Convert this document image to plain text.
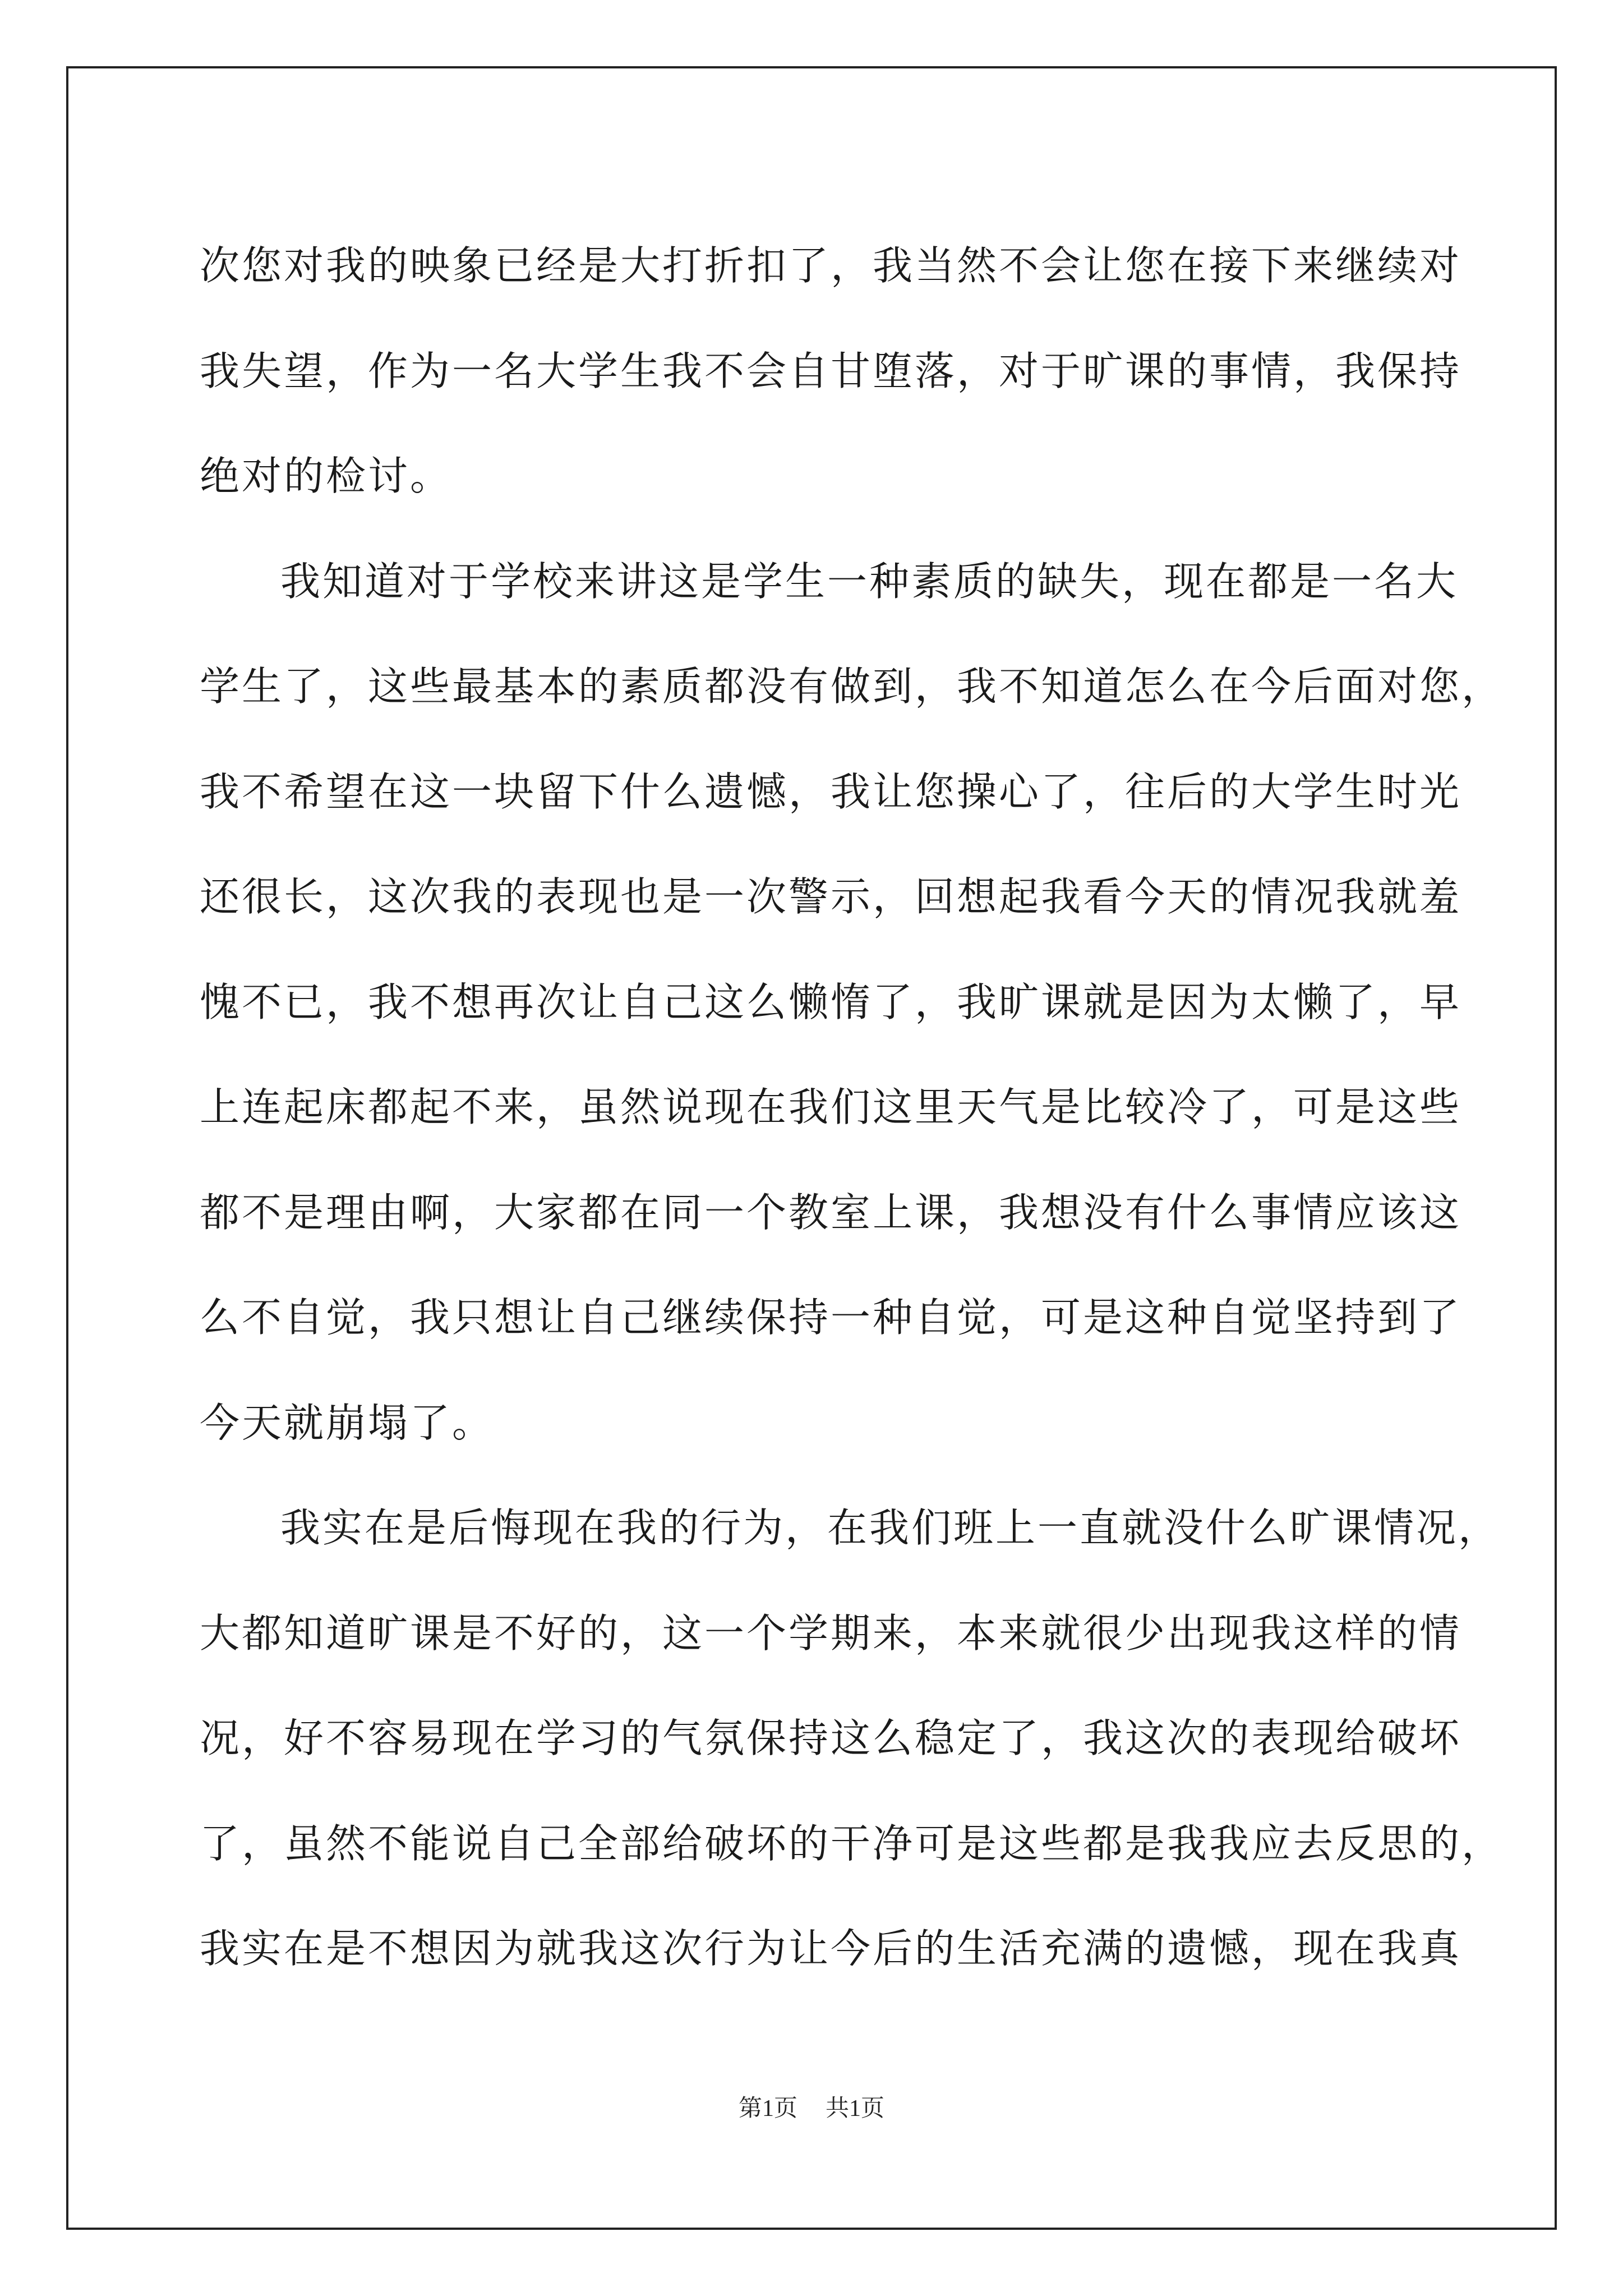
次您对我的映象已经是大打折扣了，我当然不会让您在接下来继续对
我失望，作为一名大学生我不会自甘堕落，对于旷课的事情，我保持
绝对的检讨。
我知道对于学校来讲这是学生一种素质的缺失，现在都是一名大
学生了，这些最基本的素质都没有做到，我不知道怎么在今后面对您，
我不希望在这一块留下什么遗憾，我让您操心了，往后的大学生时光
还很长，这次我的表现也是一次警示，回想起我看今天的情况我就羞
愧不已，我不想再次让自己这么懒惰了，我旷课就是因为太懒了，早
上连起床都起不来，虽然说现在我们这里天气是比较冷了，可是这些
都不是理由啊，大家都在同一个教室上课，我想没有什么事情应该这
么不自觉，我只想让自己继续保持一种自觉，可是这种自觉坚持到了
今天就崩塌了。
我实在是后悔现在我的行为，在我们班上一直就没什么旷课情况，
大都知道旷课是不好的，这一个学期来，本来就很少出现我这样的情
况，好不容易现在学习的气氛保持这么稳定了，我这次的表现给破坏
了，虽然不能说自己全部给破坏的干净可是这些都是我我应去反思的，
我实在是不想因为就我这次行为让今后的生活充满的遗憾，现在我真
第1页 共1页
